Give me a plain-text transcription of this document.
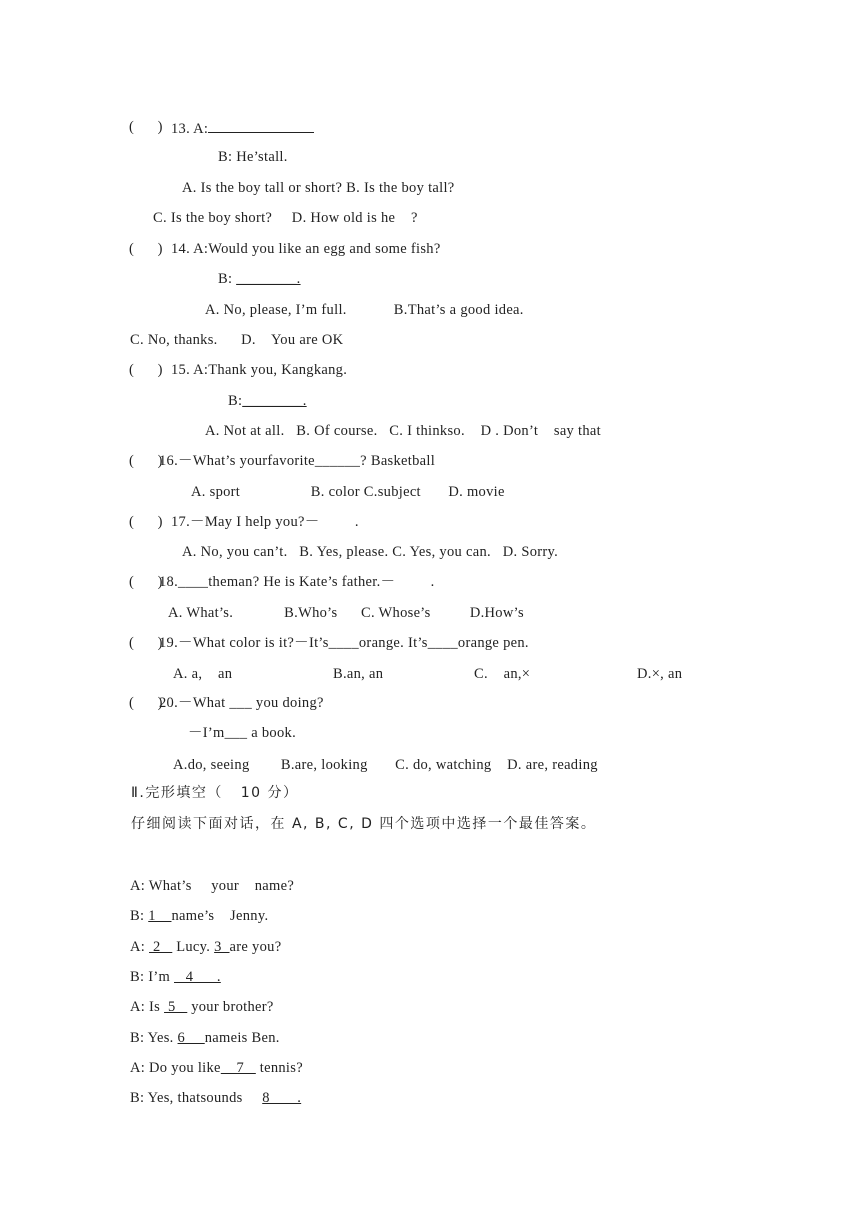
(      ) 13. A:
B: He’stall.
A. Is the boy tall or short? B. Is the boy tall?
C. Is the boy short?     D. How old is he    ?
(      ) 14. A:Would you like an egg and some fish?
B: ________.
A. No, please, I’m full.            B.That’s a good idea.
C. No, thanks.      D.    You are OK
(      ) 15. A:Thank you, Kangkang.
B:________.
A. Not at all.   B. Of course.   C. I thinkso.    D . Don’t    say that
(      )
16.－What’s yourfavorite______? Basketball
A. sport                  B. color C.subject       D. movie
(      ) 17.－May I help you?－         .
A. No, you can’t.   B. Yes, please. C. Yes, you can.   D. Sorry.
(      )
18.____theman? He is Kate’s father.－         .
A. What’s.             B.Who’s      C. Whose’s          D.How’s
(      )
19.－What color is it?－It’s____orange. It’s____orange pen.
A. a,    an	B.an, an	C.    an,×	D.×, an
(      )
20.－What ___ you doing?
－I’m___ a book.
A.do, seeing        B.are, looking       C. do, watching    D. are, reading
Ⅱ.完形填空（   10 分）
仔细阅读下面对话，在 A, B, C, D 四个选项中选择一个最佳答案。
A: What’s     your    name?
B: 1    name’s    Jenny.
A:  2    Lucy. 3  are you?
B: I’m    4      .
A: Is  5    your brother?
B: Yes. 6     nameis Ben.
A: Do you like    7    tennis?
B: Yes, thatsounds     8       .
